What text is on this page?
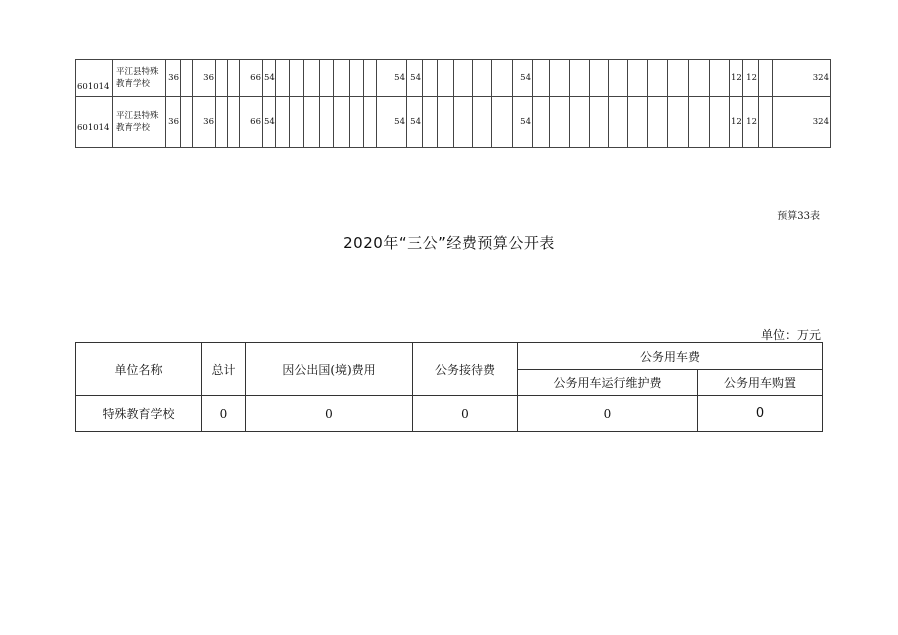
601014	平江县特殊教育学校	36		36			66	54								54	54						54											12	12		324
601014	平江县特殊教育学校	36		36			66	54								54	54						54											12	12		324
预算33表
2020年“三公”经费预算公开表
单位：万元
单位名称	总计	因公出国(境)费用	公务接待费	公务用车费	
				公务用车运行维护费	公务用车购置
特殊教育学校	0	0	0	0	0
